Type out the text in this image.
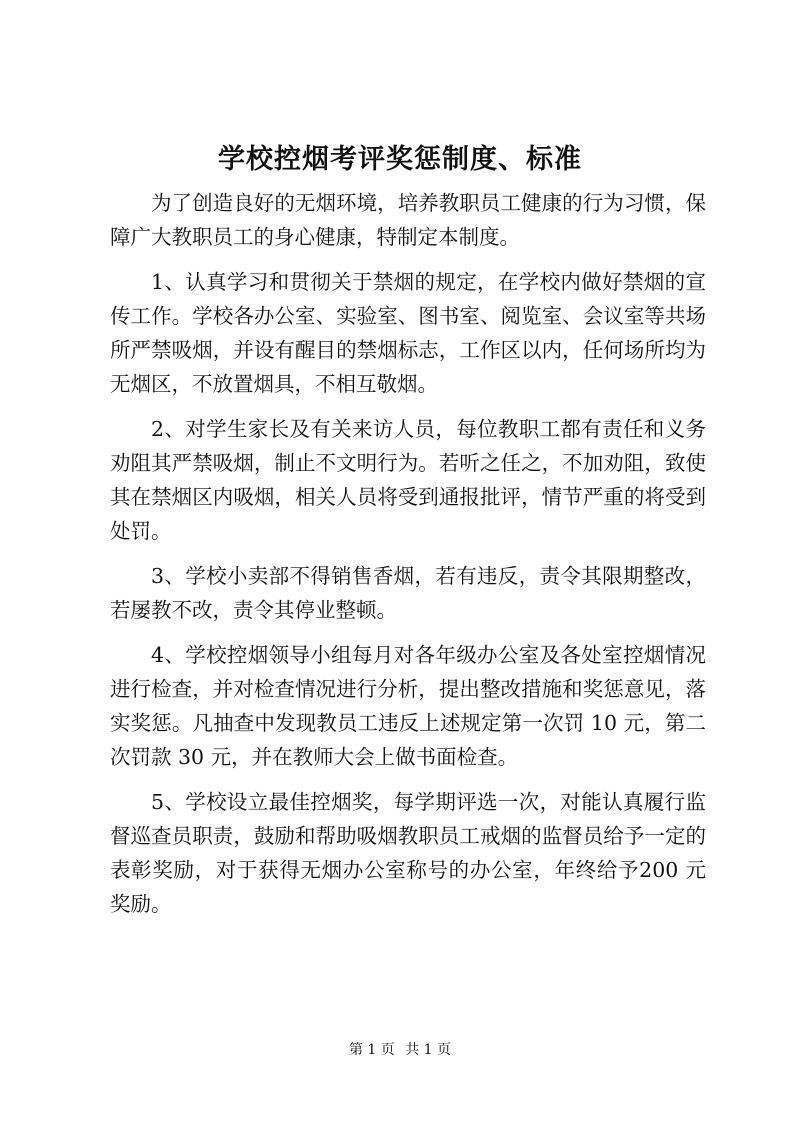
学校控烟考评奖惩制度、标准

为了创造良好的无烟环境，培养教职员工健康的行为习惯，保障广大教职员工的身心健康，特制定本制度。

1、认真学习和贯彻关于禁烟的规定，在学校内做好禁烟的宣传工作。学校各办公室、实验室、图书室、阅览室、会议室等共场所严禁吸烟，并设有醒目的禁烟标志，工作区以内，任何场所均为无烟区，不放置烟具，不相互敬烟。

2、对学生家长及有关来访人员，每位教职工都有责任和义务劝阻其严禁吸烟，制止不文明行为。若听之任之，不加劝阻，致使其在禁烟区内吸烟，相关人员将受到通报批评，情节严重的将受到处罚。

3、学校小卖部不得销售香烟，若有违反，责令其限期整改，若屡教不改，责令其停业整顿。

4、学校控烟领导小组每月对各年级办公室及各处室控烟情况进行检查，并对检查情况进行分析，提出整改措施和奖惩意见，落实奖惩。凡抽查中发现教员工违反上述规定第一次罚 10 元，第二次罚款 30 元，并在教师大会上做书面检查。

5、学校设立最佳控烟奖，每学期评选一次，对能认真履行监督巡查员职责，鼓励和帮助吸烟教职员工戒烟的监督员给予一定的表彰奖励，对于获得无烟办公室称号的办公室，年终给予200 元奖励。

第 1 页 共 1 页
